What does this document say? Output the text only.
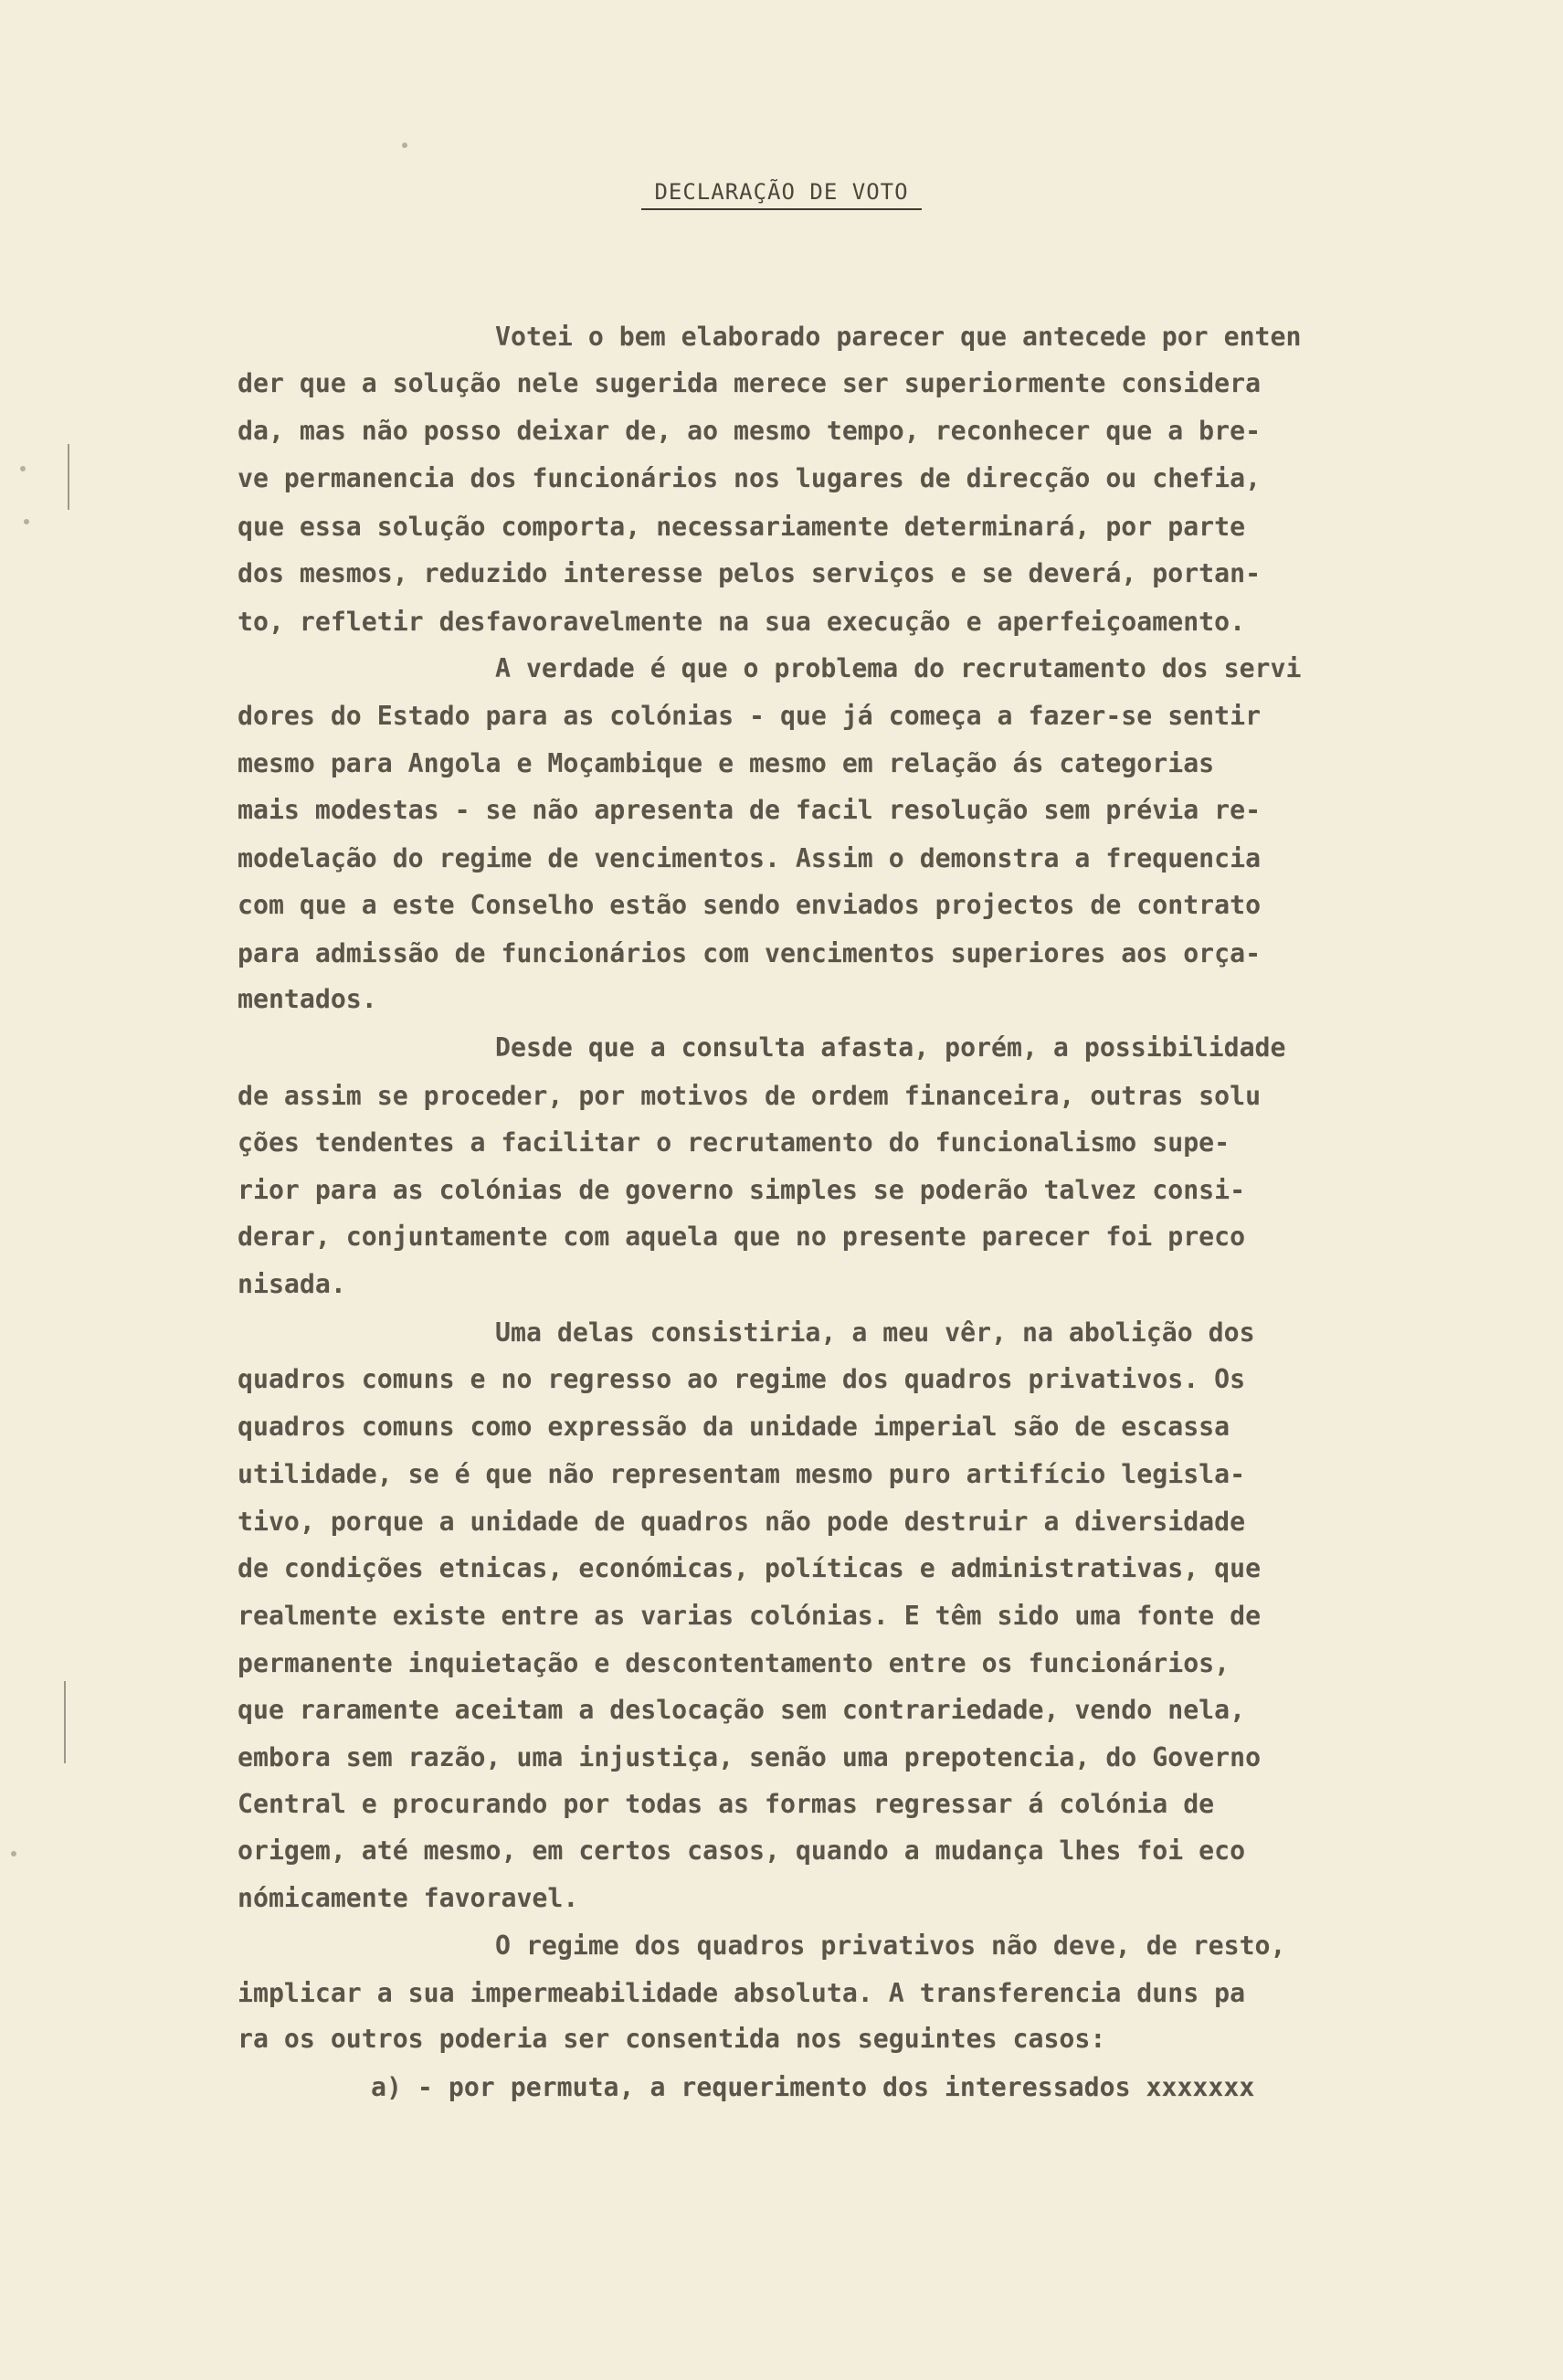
DECLARAÇÃO DE VOTO
Votei o bem elaborado parecer que antecede por enten
der que a solução nele sugerida merece ser superiormente considera
da, mas não posso deixar de, ao mesmo tempo, reconhecer que a bre-
ve permanencia dos funcionários nos lugares de direcção ou chefia,
que essa solução comporta, necessariamente determinará, por parte
dos mesmos, reduzido interesse pelos serviços e se deverá, portan-
to, refletir desfavoravelmente na sua execução e aperfeiçoamento.
A verdade é que o problema do recrutamento dos servi
dores do Estado para as colónias - que já começa a fazer-se sentir
mesmo para Angola e Moçambique e mesmo em relação ás categorias
mais modestas - se não apresenta de facil resolução sem prévia re-
modelação do regime de vencimentos. Assim o demonstra a frequencia
com que a este Conselho estão sendo enviados projectos de contrato
para admissão de funcionários com vencimentos superiores aos orça-
mentados.
Desde que a consulta afasta, porém, a possibilidade
de assim se proceder, por motivos de ordem financeira, outras solu
ções tendentes a facilitar o recrutamento do funcionalismo supe-
rior para as colónias de governo simples se poderão talvez consi-
derar, conjuntamente com aquela que no presente parecer foi preco
nisada.
Uma delas consistiria, a meu vêr, na abolição dos
quadros comuns e no regresso ao regime dos quadros privativos. Os
quadros comuns como expressão da unidade imperial são de escassa
utilidade, se é que não representam mesmo puro artifício legisla-
tivo, porque a unidade de quadros não pode destruir a diversidade
de condições etnicas, económicas, políticas e administrativas, que
realmente existe entre as varias colónias. E têm sido uma fonte de
permanente inquietação e descontentamento entre os funcionários,
que raramente aceitam a deslocação sem contrariedade, vendo nela,
embora sem razão, uma injustiça, senão uma prepotencia, do Governo
Central e procurando por todas as formas regressar á colónia de
origem, até mesmo, em certos casos, quando a mudança lhes foi eco
nómicamente favoravel.
O regime dos quadros privativos não deve, de resto,
implicar a sua impermeabilidade absoluta. A transferencia duns pa
ra os outros poderia ser consentida nos seguintes casos:
a) - por permuta, a requerimento dos interessados xxxxxxx
